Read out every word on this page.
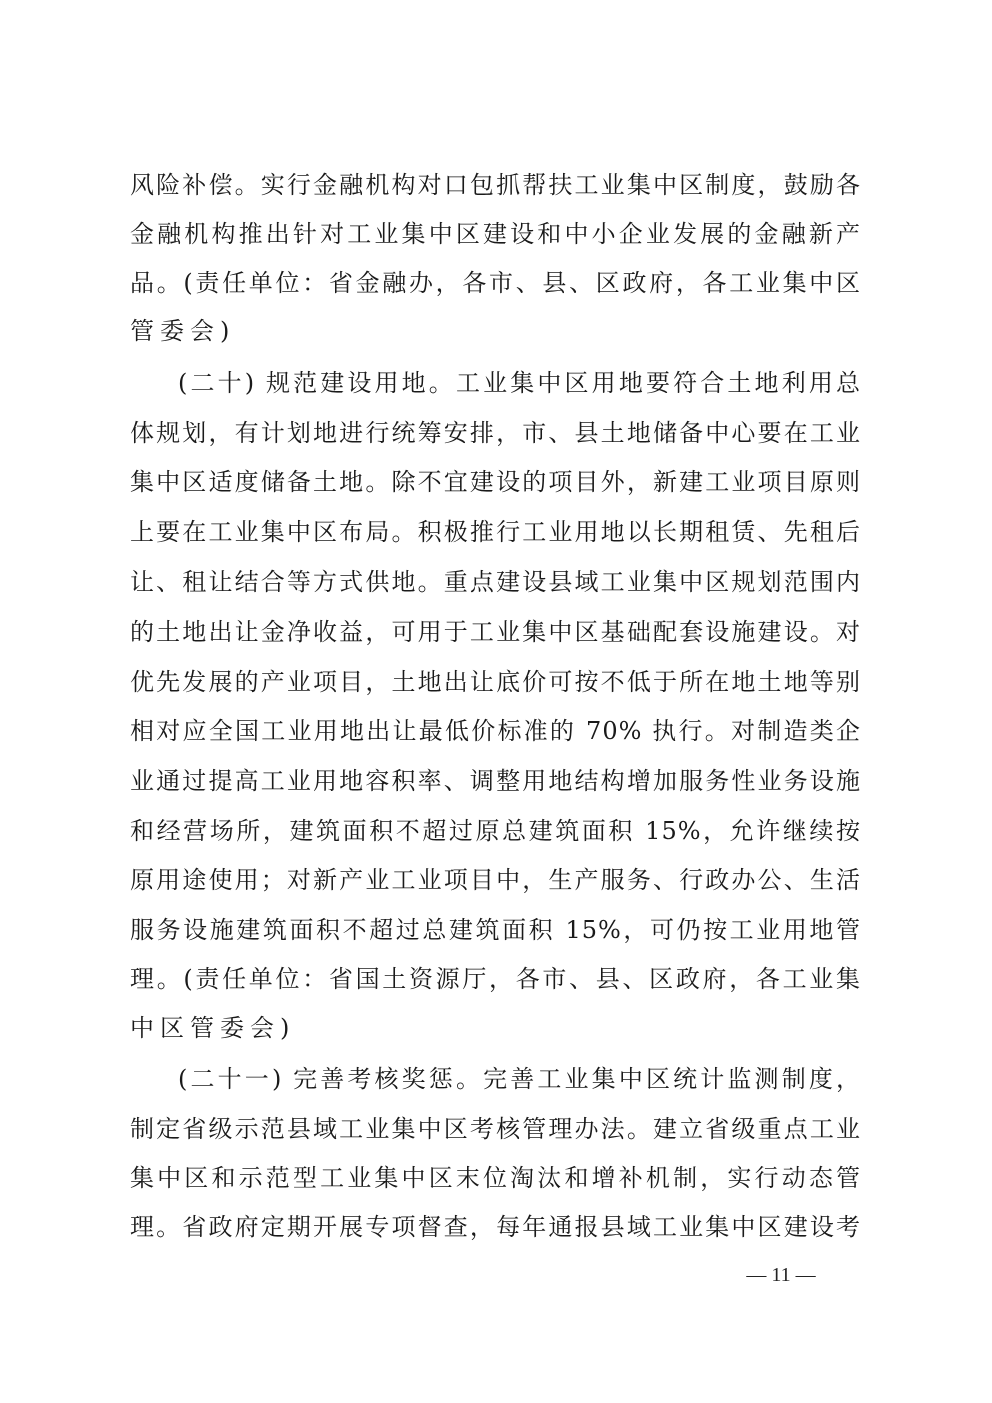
风险补偿。实行金融机构对口包抓帮扶工业集中区制度，鼓励各
金融机构推出针对工业集中区建设和中小企业发展的金融新产
品。(责任单位：省金融办，各市、县、区政府，各工业集中区
管委会)
(二十) 规范建设用地。工业集中区用地要符合土地利用总
体规划，有计划地进行统筹安排，市、县土地储备中心要在工业
集中区适度储备土地。除不宜建设的项目外，新建工业项目原则
上要在工业集中区布局。积极推行工业用地以长期租赁、先租后
让、租让结合等方式供地。重点建设县域工业集中区规划范围内
的土地出让金净收益，可用于工业集中区基础配套设施建设。对
优先发展的产业项目，土地出让底价可按不低于所在地土地等别
相对应全国工业用地出让最低价标准的 70% 执行。对制造类企
业通过提高工业用地容积率、调整用地结构增加服务性业务设施
和经营场所，建筑面积不超过原总建筑面积 15%，允许继续按
原用途使用；对新产业工业项目中，生产服务、行政办公、生活
服务设施建筑面积不超过总建筑面积 15%，可仍按工业用地管
理。(责任单位：省国土资源厅，各市、县、区政府，各工业集
中区管委会)
(二十一) 完善考核奖惩。完善工业集中区统计监测制度，
制定省级示范县域工业集中区考核管理办法。建立省级重点工业
集中区和示范型工业集中区末位淘汰和增补机制，实行动态管
理。省政府定期开展专项督查，每年通报县域工业集中区建设考
— 11 —
